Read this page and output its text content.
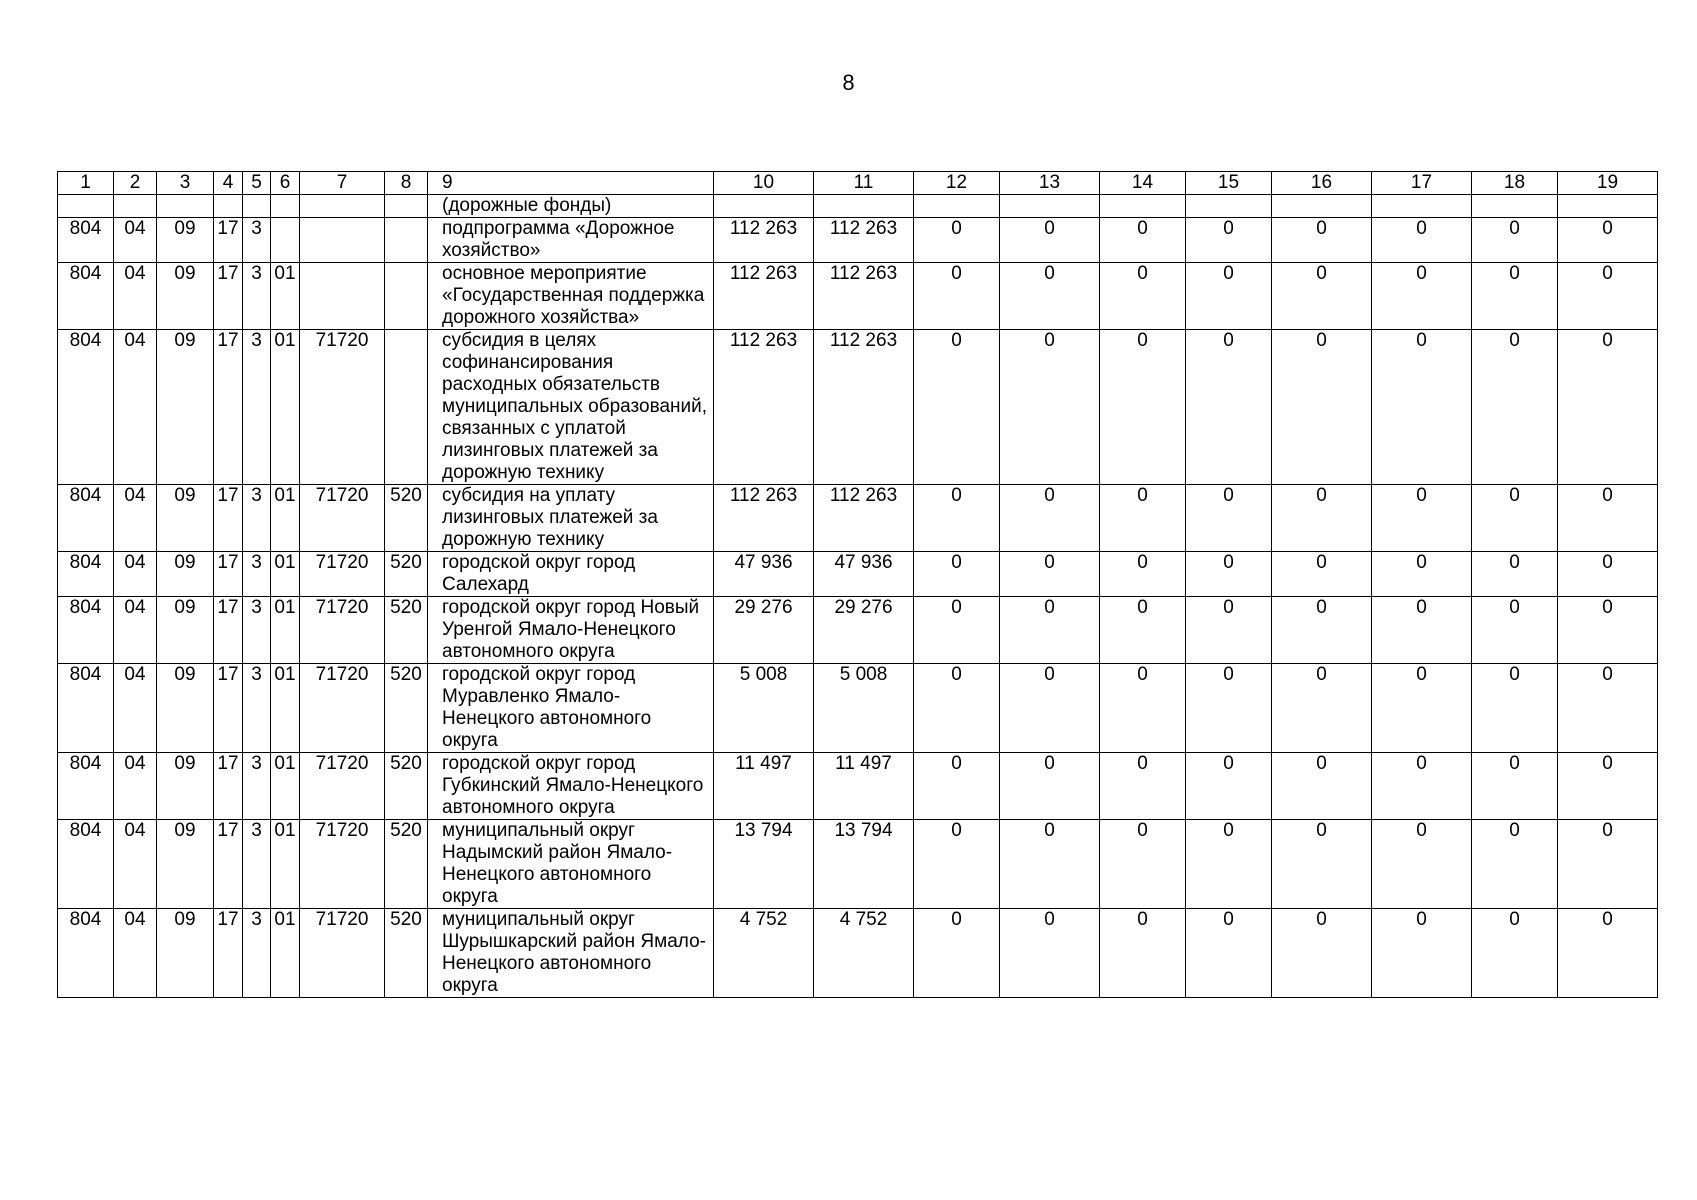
8
1	2	3	4	5	6	7	8	9	10	11	12	13	14	15	16	17	18	19
								(дорожные фонды)										
804	04	09	17	3				подпрограмма «Дорожное хозяйство»	112 263	112 263	0	0	0	0	0	0	0	0
804	04	09	17	3	01			основное мероприятие «Государственная поддержка дорожного хозяйства»	112 263	112 263	0	0	0	0	0	0	0	0
804	04	09	17	3	01	71720		субсидия в целях софинансирования расходных обязательств муниципальных образований, связанных с уплатой лизинговых платежей за дорожную технику	112 263	112 263	0	0	0	0	0	0	0	0
804	04	09	17	3	01	71720	520	субсидия на уплату лизинговых платежей за дорожную технику	112 263	112 263	0	0	0	0	0	0	0	0
804	04	09	17	3	01	71720	520	городской округ город Салехард	47 936	47 936	0	0	0	0	0	0	0	0
804	04	09	17	3	01	71720	520	городской округ город Новый Уренгой Ямало-Ненецкого автономного округа	29 276	29 276	0	0	0	0	0	0	0	0
804	04	09	17	3	01	71720	520	городской округ город Муравленко Ямало-Ненецкого автономного округа	5 008	5 008	0	0	0	0	0	0	0	0
804	04	09	17	3	01	71720	520	городской округ город Губкинский Ямало-Ненецкого автономного округа	11 497	11 497	0	0	0	0	0	0	0	0
804	04	09	17	3	01	71720	520	муниципальный округ Надымский район Ямало-Ненецкого автономного округа	13 794	13 794	0	0	0	0	0	0	0	0
804	04	09	17	3	01	71720	520	муниципальный округ Шурышкарский район Ямало-Ненецкого автономного округа	4 752	4 752	0	0	0	0	0	0	0	0
